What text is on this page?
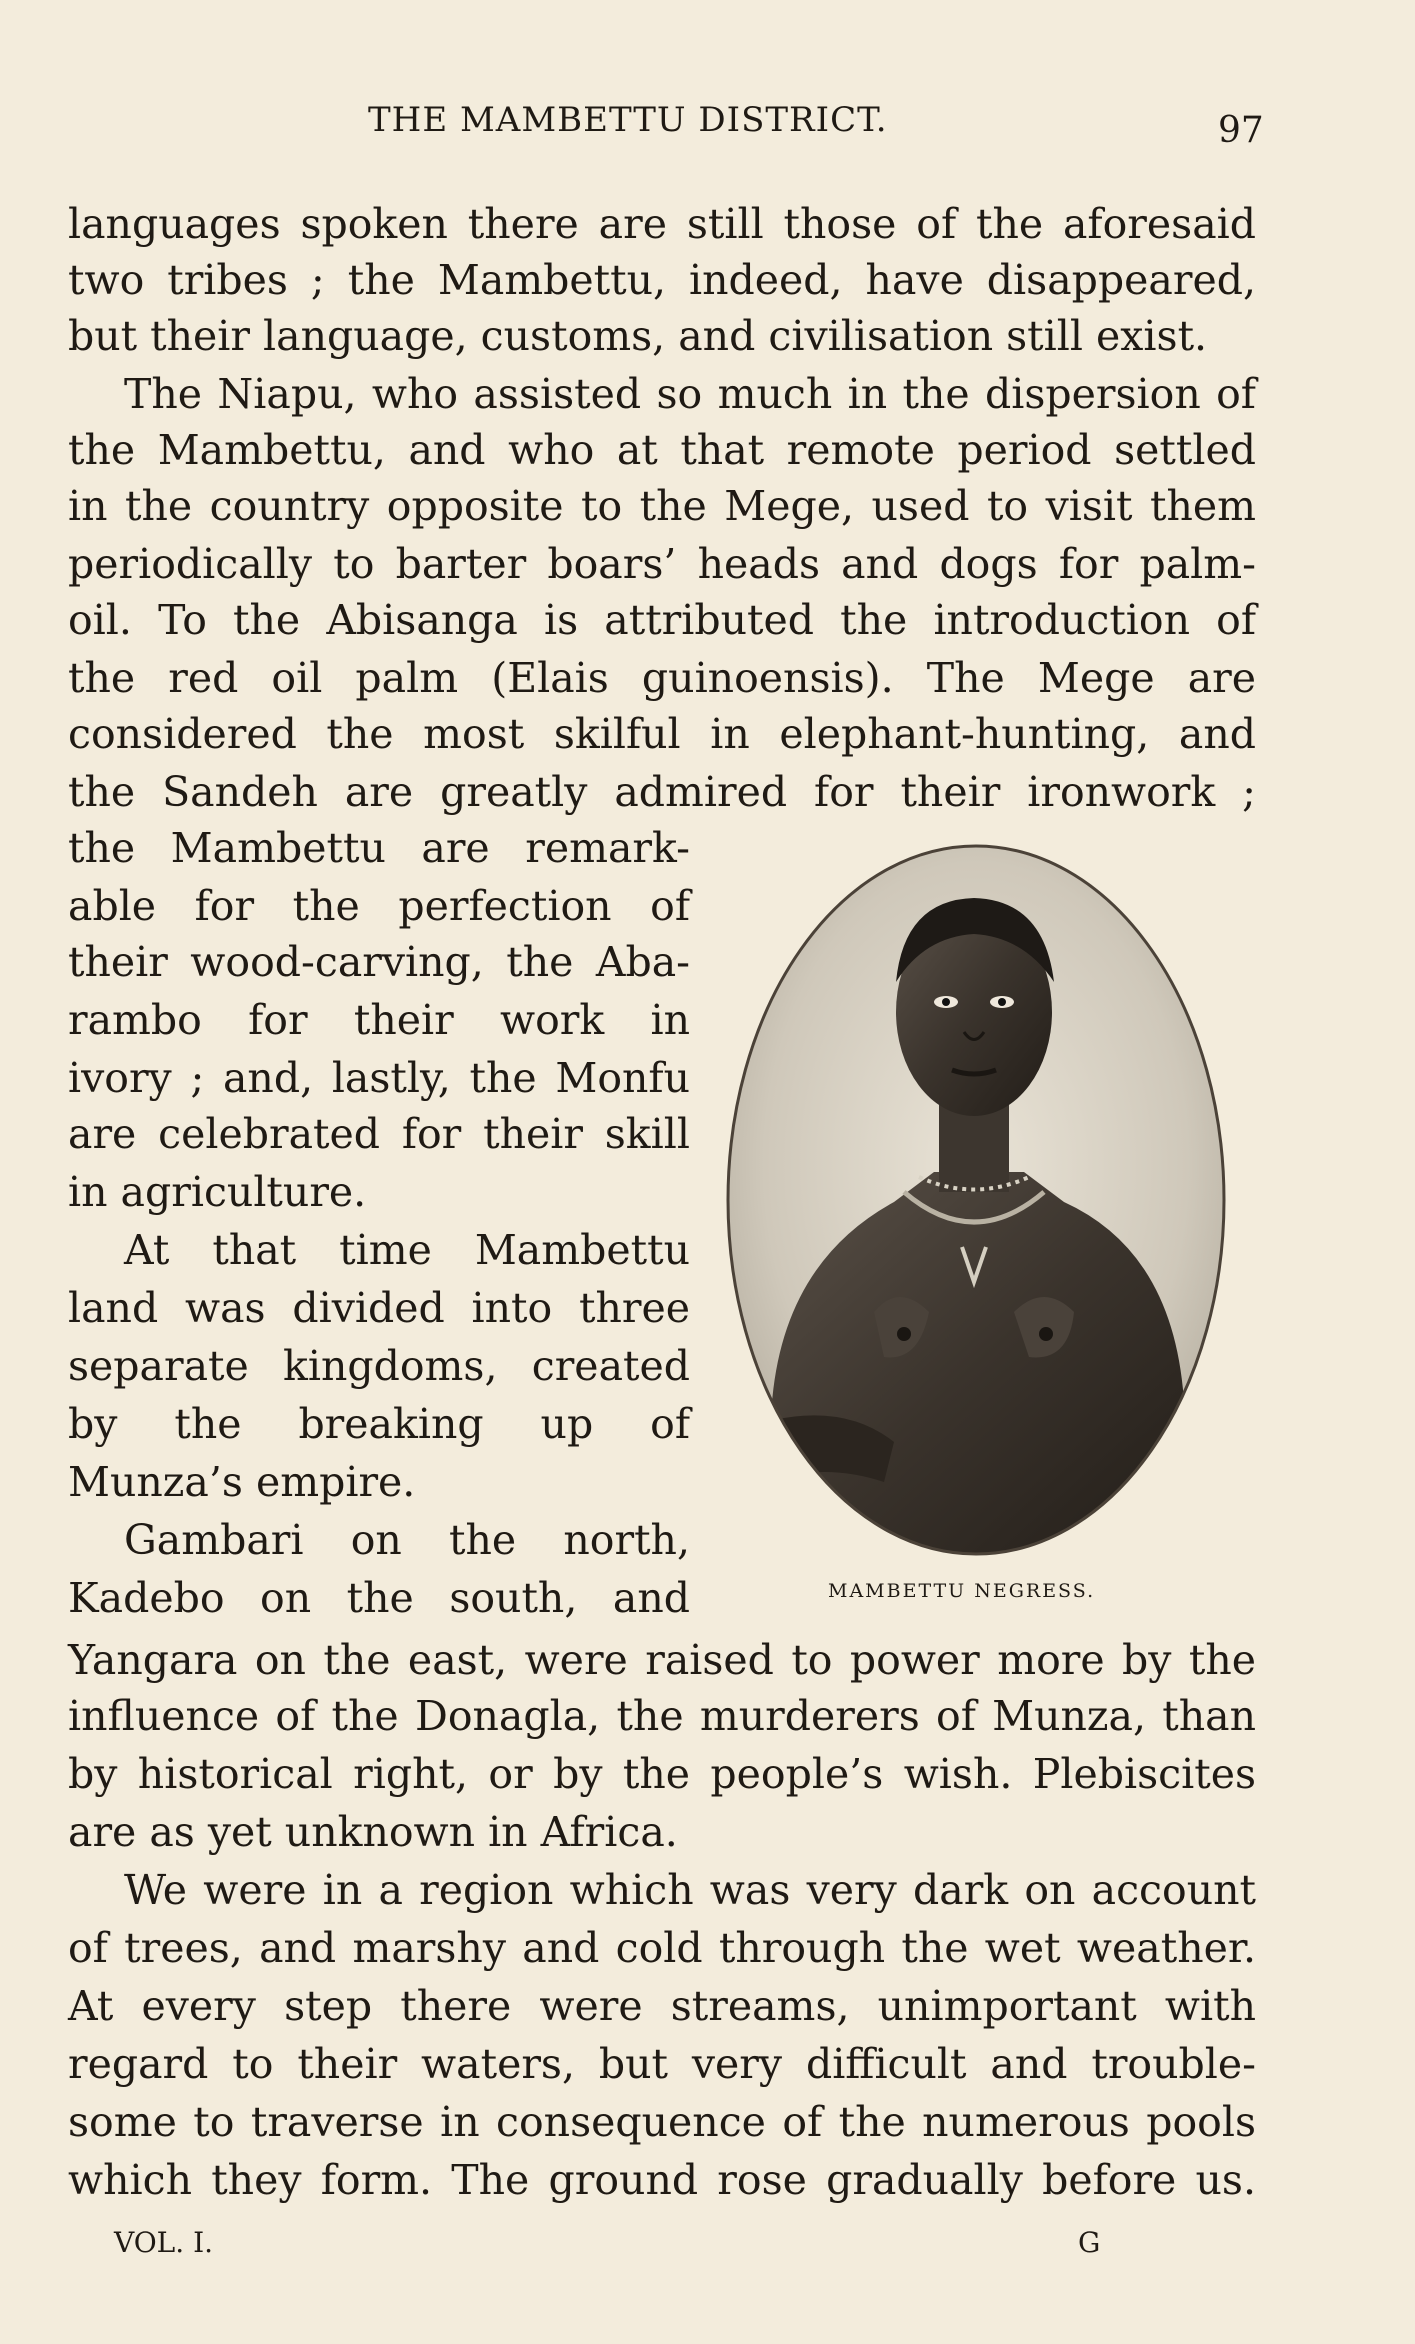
THE MAMBETTU DISTRICT.	97
languages spoken there are still those of the aforesaid
two tribes ; the Mambettu, indeed, have disappeared,
but their language, customs, and civilisation still exist.
The Niapu, who assisted so much in the dispersion of
the Mambettu, and who at that remote period settled
in the country opposite to the Mege, used to visit them
periodically to barter boars’ heads and dogs for palm-
oil. To the Abisanga is attributed the introduction of
the red oil palm (Elais guinoensis). The Mege are
considered the most skilful in elephant-hunting, and
the Sandeh are greatly admired for their ironwork ;
the Mambettu are remark-
able for the perfection of
their wood-carving, the Aba-
rambo for their work in
ivory ; and, lastly, the Monfu
are celebrated for their skill
in agriculture.
At that time Mambettu
land was divided into three
separate kingdoms, created
by the breaking up of
Munza’s empire.
Gambari on the north,
Kadebo on the south, and
Yangara on the east, were raised to power more by the
influence of the Donagla, the murderers of Munza, than
by historical right, or by the people’s wish. Plebiscites
are as yet unknown in Africa.
We were in a region which was very dark on account
of trees, and marshy and cold through the wet weather.
At every step there were streams, unimportant with
regard to their waters, but very difficult and trouble-
some to traverse in consequence of the numerous pools
which they form. The ground rose gradually before us.
MAMBETTU NEGRESS.
VOL. I.	G
